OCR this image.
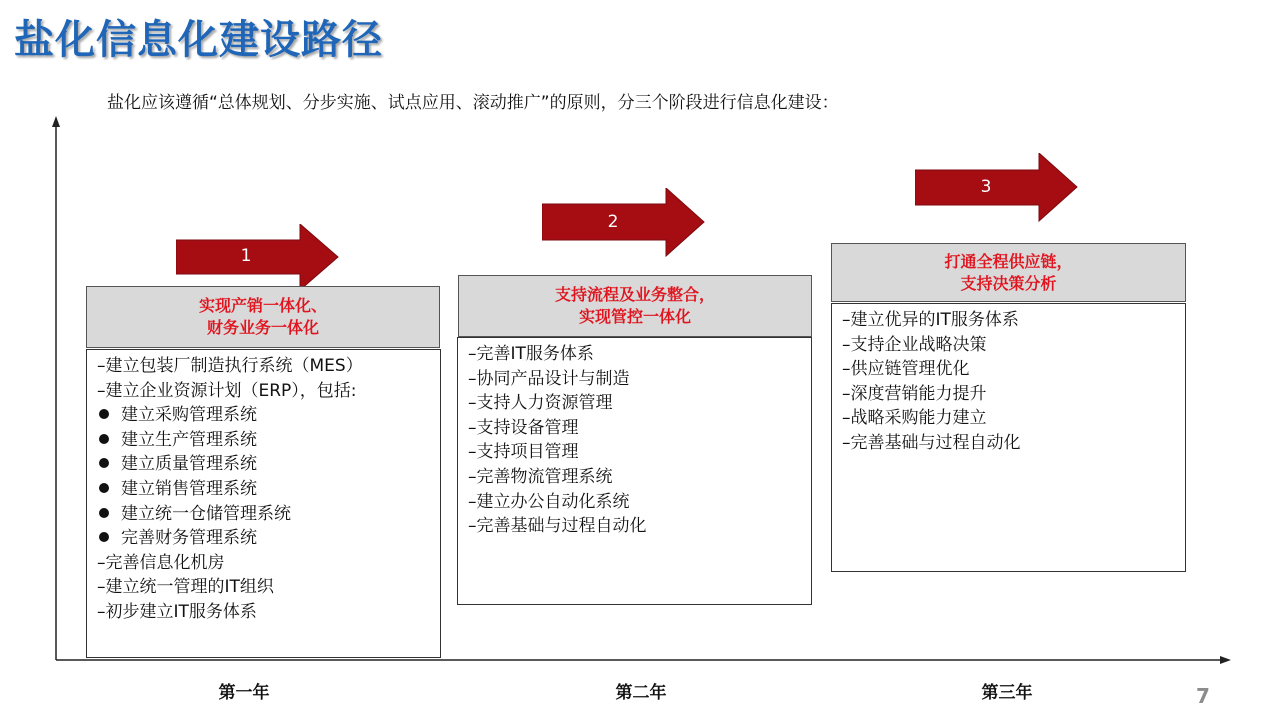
盐化信息化建设路径
盐化应该遵循“总体规划、分步实施、试点应用、滚动推广”的原则，分三个阶段进行信息化建设：
1
实现产销一体化、
财务业务一体化
–建立包装厂制造执行系统（MES）
–建立企业资源计划（ERP），包括:
建立采购管理系统
建立生产管理系统
建立质量管理系统
建立销售管理系统
建立统一仓储管理系统
完善财务管理系统
–完善信息化机房
–建立统一管理的IT组织
–初步建立IT服务体系
2
支持流程及业务整合，
实现管控一体化
–完善IT服务体系
–协同产品设计与制造
–支持人力资源管理
–支持设备管理
–支持项目管理
–完善物流管理系统
–建立办公自动化系统
–完善基础与过程自动化
3
打通全程供应链，
支持决策分析
–建立优异的IT服务体系
–支持企业战略决策
–供应链管理优化
–深度营销能力提升
–战略采购能力建立
–完善基础与过程自动化
第一年	第二年	第三年	7
